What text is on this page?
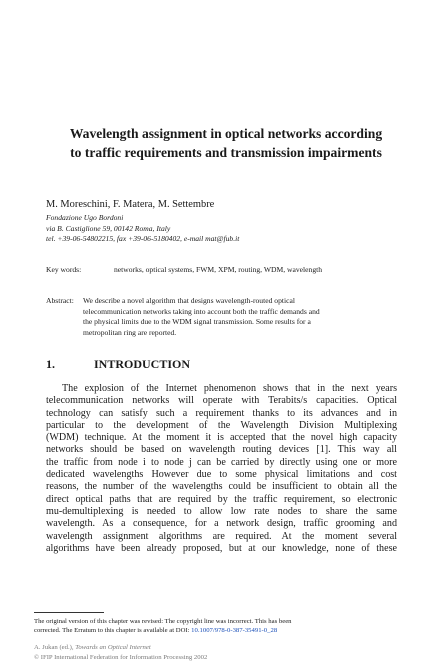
Wavelength assignment in optical networks according
to traffic requirements and transmission impairments
M. Moreschini, F. Matera, M. Settembre
Fondazione Ugo Bordoni
via B. Castiglione 59, 00142 Roma, Italy
tel. +39-06-54802215, fax +39-06-5180402, e-mail mat@fub.it
Key words:	networks, optical systems, FWM, XPM, routing, WDM, wavelength
Abstract: We describe a novel algorithm that designs wavelength-routed optical
telecommunication networks taking into account both the traffic demands and
the physical limits due to the WDM signal transmission. Some results for a
metropolitan ring are reported.
1.	INTRODUCTION
The explosion of the Internet phenomenon shows that in the next years
telecommunication networks will operate with Terabits/s capacities. Optical
technology can satisfy such a requirement thanks to its advances and in
particular to the development of the Wavelength Division Multiplexing
(WDM) technique. At the moment it is accepted that the novel high capacity
networks should be based on wavelength routing devices [1]. This way all
the traffic from node i to node j can be carried by directly using one or more
dedicated wavelengths However due to some physical limitations and cost
reasons, the number of the wavelengths could be insufficient to obtain all the
direct optical paths that are required by the traffic requirement, so electronic
mu-demultiplexing is needed to allow low rate nodes to share the same
wavelength. As a consequence, for a network design, traffic grooming and
wavelength assignment algorithms are required. At the moment several
algorithms have been already proposed, but at our knowledge, none of these
The original version of this chapter was revised: The copyright line was incorrect. This has been
corrected. The Erratum to this chapter is available at DOI: 10.1007/978-0-387-35491-0_28
A. Jukan (ed.), Towards an Optical Internet
© IFIP International Federation for Information Processing 2002
